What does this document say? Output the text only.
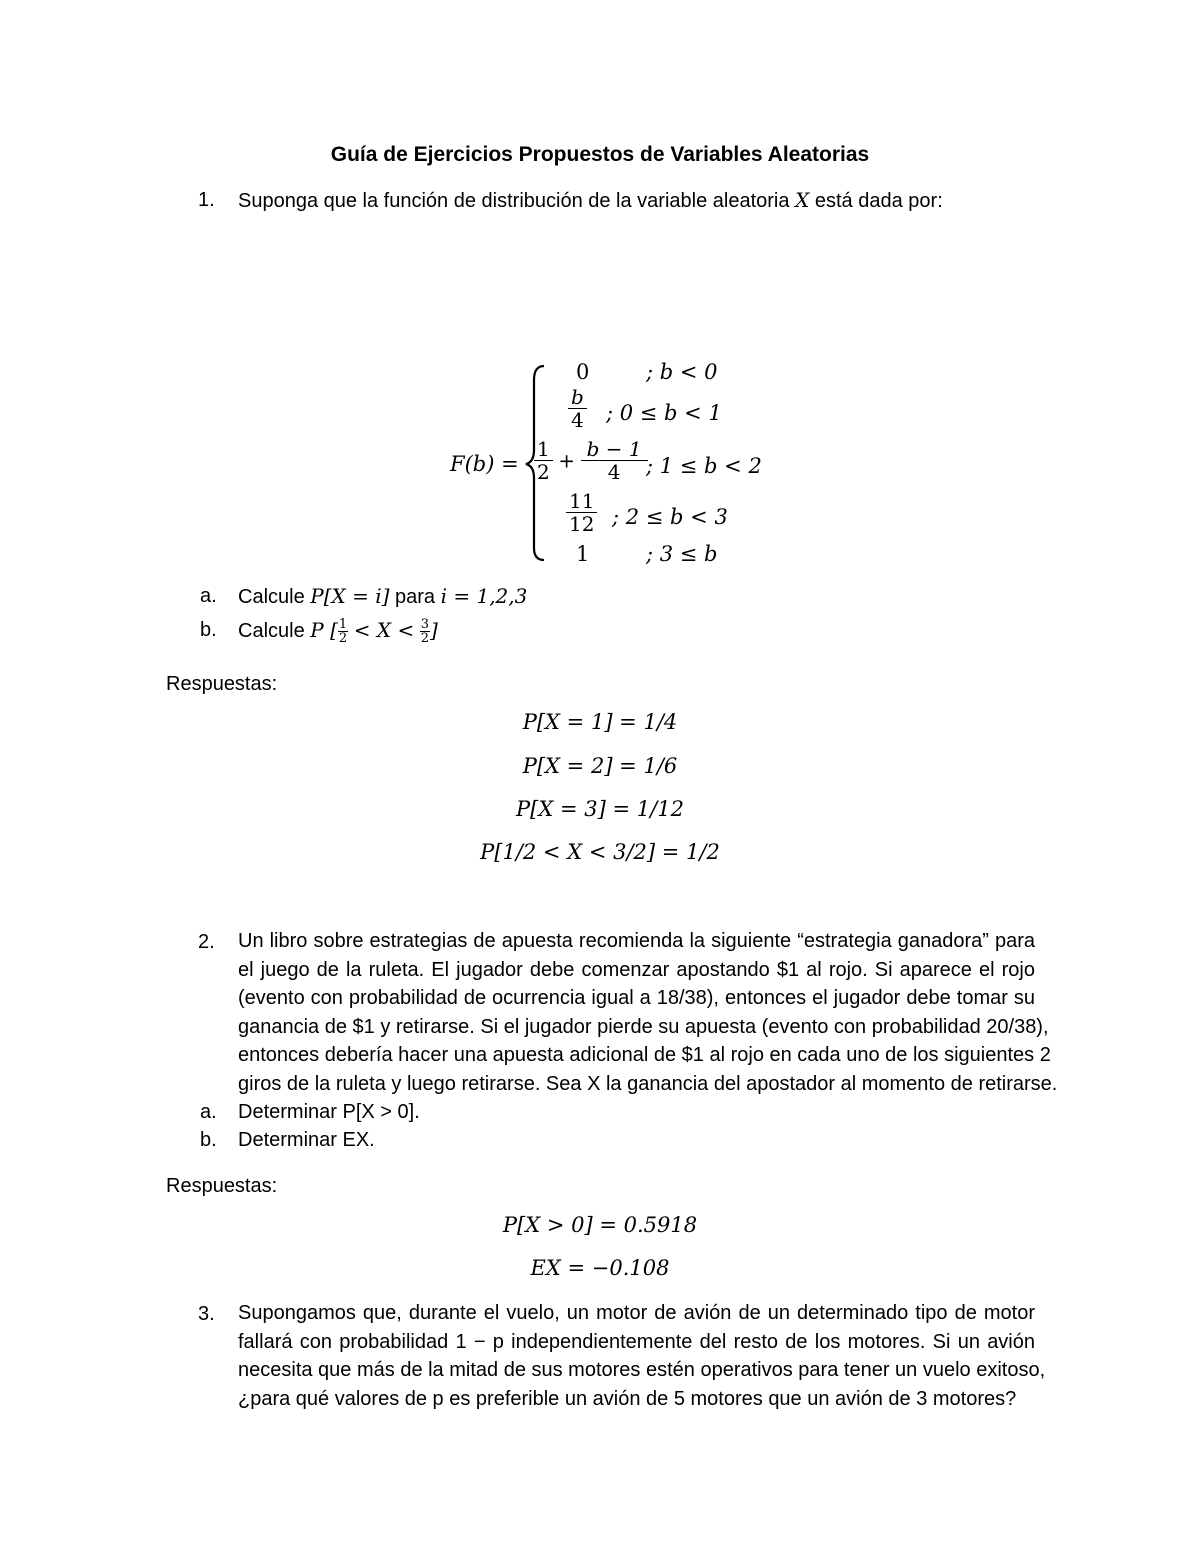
Guía de Ejercicios Propuestos de Variables Aleatorias
1. Suponga que la función de distribución de la variable aleatoria X está dada por:
F(b) =
0	; b < 0
$\frac{b}{4}$ ; 0 ≤ b < 1
$\frac{1}{2} + \frac{b - 1}{4}$
; 1 ≤ b < 2
$\frac{11}{12}$ ; 2 ≤ b < 3
1	; 3 ≤ b
a. Calcule P[X = i] para i = 1,2,3
b. Calcule P [ $\frac{1}{2} < X < \frac{3}{2}$ ]
Respuestas:
P[X = 1] = 1/4
P[X = 2] = 1/6
P[X = 3] = 1/12
P[1/2 < X < 3/2] = 1/2
2. Un libro sobre estrategias de apuesta recomienda la siguiente “estrategia ganadora” para
el juego de la ruleta. El jugador debe comenzar apostando $1 al rojo. Si aparece el rojo
(evento con probabilidad de ocurrencia igual a 18/38), entonces el jugador debe tomar su
ganancia de $1 y retirarse. Si el jugador pierde su apuesta (evento con probabilidad 20/38),
entonces debería hacer una apuesta adicional de $1 al rojo en cada uno de los siguientes 2
giros de la ruleta y luego retirarse. Sea X la ganancia del apostador al momento de retirarse.
a. Determinar P[X > 0].
b. Determinar EX.
Respuestas:
P[X > 0] = 0.5918
EX = −0.108
3. Supongamos que, durante el vuelo, un motor de avión de un determinado tipo de motor
fallará con probabilidad 1 − p independientemente del resto de los motores. Si un avión
necesita que más de la mitad de sus motores estén operativos para tener un vuelo exitoso,
¿para qué valores de p es preferible un avión de 5 motores que un avión de 3 motores?
